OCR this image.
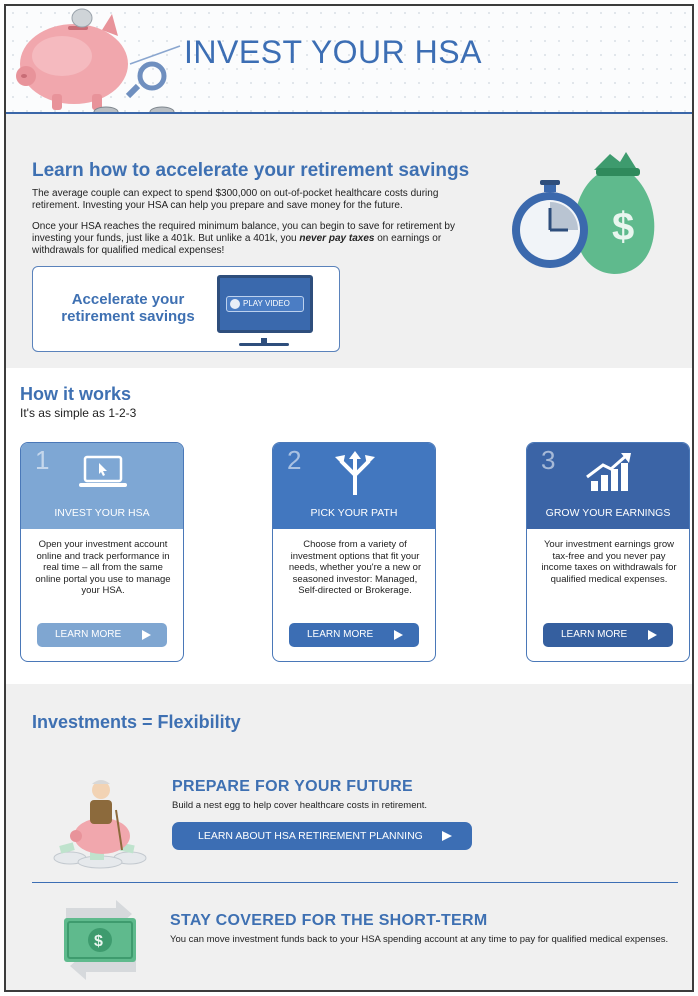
INVEST YOUR HSA
Learn how to accelerate your retirement savings
The average couple can expect to spend $300,000 on out-of-pocket healthcare costs during retirement. Investing your HSA can help you prepare and save money for the future.
Once your HSA reaches the required minimum balance, you can begin to save for retirement by investing your funds, just like a 401k. But unlike a 401k, you never pay taxes on earnings or withdrawals for qualified medical expenses!
Accelerate your retirement savings
PLAY VIDEO
$
How it works
It's as simple as 1-2-3
1
INVEST YOUR HSA
Open your investment account online and track performance in real time – all from the same online portal you use to manage your HSA.
LEARN MORE
2
PICK YOUR PATH
Choose from a variety of investment options that fit your needs, whether you're a new or seasoned investor: Managed, Self-directed or Brokerage.
LEARN MORE
3
GROW YOUR EARNINGS
Your investment earnings grow tax-free and you never pay income taxes on withdrawals for qualified medical expenses.
LEARN MORE
Investments = Flexibility
PREPARE FOR YOUR FUTURE
Build a nest egg to help cover healthcare costs in retirement.
LEARN ABOUT HSA RETIREMENT PLANNING
$
STAY COVERED FOR THE SHORT-TERM
You can move investment funds back to your HSA spending account at any time to pay for qualified medical expenses.
